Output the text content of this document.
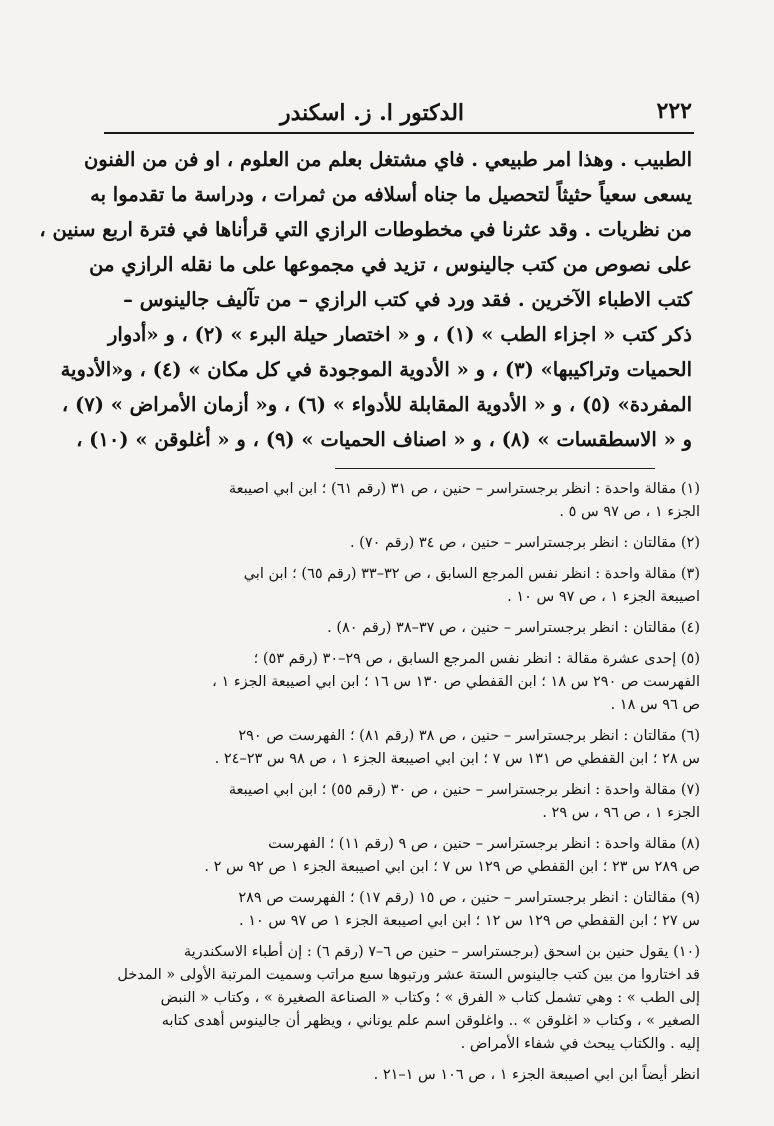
٢٢٢
الدكتور ا. ز. اسكندر
الطبيب . وهذا امر طبيعي . فاي مشتغل بعلم من العلوم ، او فن من الفنون
يسعى سعياً حثيثاً لتحصيل ما جناه أسلافه من ثمرات ، ودراسة ما تقدموا به
من نظريات . وقد عثرنا في مخطوطات الرازي التي قرأناها في فترة اربع سنين ،
على نصوص من كتب جالينوس ، تزيد في مجموعها على ما نقله الرازي من
كتب الاطباء الآخرين . فقد ورد في كتب الرازي – من تآليف جالينوس –
ذكر كتب « اجزاء الطب » (١) ، و « اختصار حيلة البرء » (٢) ، و «أدوار
الحميات وتراكيبها» (٣) ، و « الأدوية الموجودة في كل مكان » (٤) ، و«الأدوية
المفردة» (٥) ، و « الأدوية المقابلة للأدواء » (٦) ، و« أزمان الأمراض » (٧) ،
و « الاسطقسات » (٨) ، و « اصناف الحميات » (٩) ، و « أغلوقن » (١٠) ،
(١) مقالة واحدة : انظر برجستراسر – حنين ، ص ٣١ (رقم ٦١) ؛ ابن ابي اصيبعة
الجزء ١ ، ص ٩٧ س ٥ .
(٢) مقالتان : انظر برجستراسر – حنين ، ص ٣٤ (رقم ٧٠) .
(٣) مقالة واحدة : انظر نفس المرجع السابق ، ص ٣٢–٣٣ (رقم ٦٥) ؛ ابن ابي
اصيبعة الجزء ١ ، ص ٩٧ س ١٠ .
(٤) مقالتان : انظر برجستراسر – حنين ، ص ٣٧–٣٨ (رقم ٨٠) .
(٥) إحدى عشرة مقالة : انظر نفس المرجع السابق ، ص ٢٩–٣٠ (رقم ٥٣) ؛
الفهرست ص ٢٩٠ س ١٨ ؛ ابن القفطي ص ١٣٠ س ١٦ ؛ ابن ابي اصيبعة الجزء ١ ،
ص ٩٦ س ١٨ .
(٦) مقالتان : انظر برجستراسر – حنين ، ص ٣٨ (رقم ٨١) ؛ الفهرست ص ٢٩٠
س ٢٨ ؛ ابن القفطي ص ١٣١ س ٧ ؛ ابن ابي اصيبعة الجزء ١ ، ص ٩٨ س ٢٣–٢٤ .
(٧) مقالة واحدة : انظر برجستراسر – حنين ، ص ٣٠ (رقم ٥٥) ؛ ابن ابي اصيبعة
الجزء ١ ، ص ٩٦ ، س ٢٩ .
(٨) مقالة واحدة : انظر برجستراسر – حنين ، ص ٩ (رقم ١١) ؛ الفهرست
ص ٢٨٩ س ٢٣ ؛ ابن القفطي ص ١٢٩ س ٧ ؛ ابن ابي اصيبعة الجزء ١ ص ٩٢ س ٢ .
(٩) مقالتان : انظر برجستراسر – حنين ، ص ١٥ (رقم ١٧) ؛ الفهرست ص ٢٨٩
س ٢٧ ؛ ابن القفطي ص ١٢٩ س ١٢ ؛ ابن ابي اصيبعة الجزء ١ ص ٩٧ س ١٠ .
(١٠) يقول حنين بن اسحق (برجستراسر – حنين ص ٦–٧ (رقم ٦) : إن أطباء الاسكندرية
قد اختاروا من بين كتب جالينوس الستة عشر ورتبوها سبع مراتب وسميت المرتبة الأولى « المدخل
إلى الطب » : وهي تشمل كتاب « الفرق » ؛ وكتاب « الصناعة الصغيرة » ، وكتاب « النبض
الصغير » ، وكتاب « اغلوقن » .. واغلوقن اسم علم يوناني ، ويظهر أن جالينوس أهدى كتابه
إليه . والكتاب يبحث في شفاء الأمراض .
انظر أيضاً ابن ابي اصيبعة الجزء ١ ، ص ١٠٦ س ١–٢١ .
